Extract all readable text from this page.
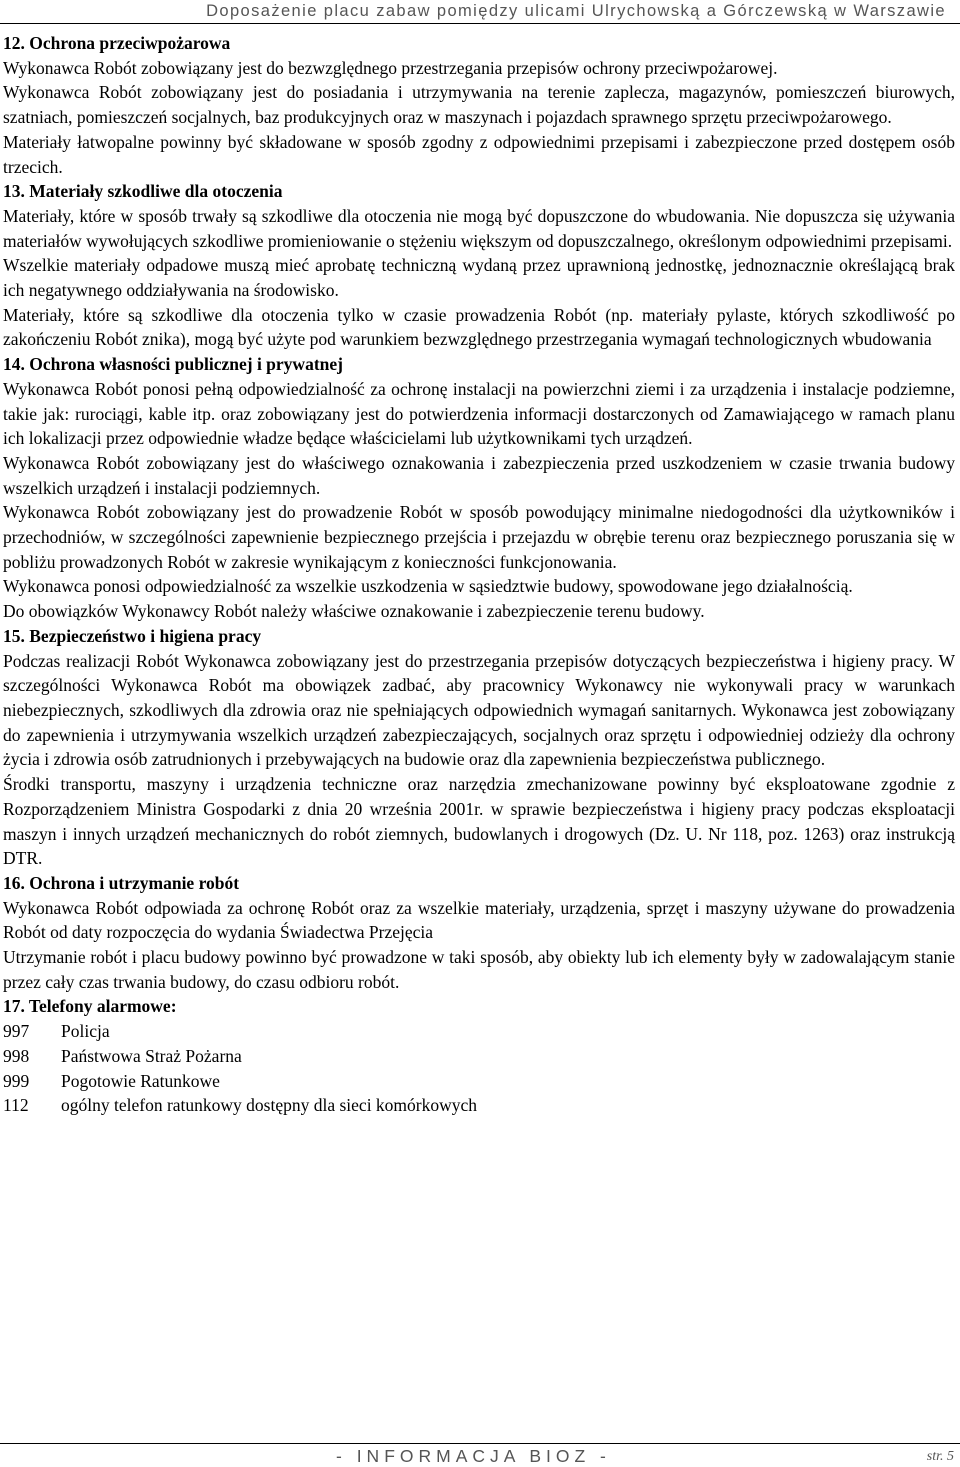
Doposażenie placu zabaw pomiędzy ulicami Ulrychowską a Górczewską w Warszawie
12. Ochrona przeciwpożarowa

Wykonawca Robót zobowiązany jest do bezwzględnego przestrzegania przepisów ochrony przeciwpożarowej.

Wykonawca Robót zobowiązany jest do posiadania i utrzymywania na terenie zaplecza, magazynów, pomieszczeń biurowych, szatniach, pomieszczeń socjalnych, baz produkcyjnych oraz w maszynach i pojazdach sprawnego sprzętu przeciwpożarowego.

Materiały łatwopalne powinny być składowane w sposób zgodny z odpowiednimi przepisami i zabezpieczone przed dostępem osób trzecich.

13. Materiały szkodliwe dla otoczenia

Materiały, które w sposób trwały są szkodliwe dla otoczenia nie mogą być dopuszczone do wbudowania. Nie dopuszcza się używania materiałów wywołujących szkodliwe promieniowanie o stężeniu większym od dopuszczalnego, określonym odpowiednimi przepisami.

Wszelkie materiały odpadowe muszą mieć aprobatę techniczną wydaną przez uprawnioną jednostkę, jednoznacznie określającą brak ich negatywnego oddziaływania na środowisko.

Materiały, które są szkodliwe dla otoczenia tylko w czasie prowadzenia Robót (np. materiały pylaste, których szkodliwość po zakończeniu Robót znika), mogą być użyte pod warunkiem bezwzględnego przestrzegania wymagań technologicznych wbudowania

14. Ochrona własności publicznej i prywatnej

Wykonawca Robót ponosi pełną odpowiedzialność za ochronę instalacji na powierzchni ziemi i za urządzenia i instalacje podziemne, takie jak: rurociągi, kable itp. oraz zobowiązany jest do potwierdzenia informacji dostarczonych od Zamawiającego w ramach planu ich lokalizacji przez odpowiednie władze będące właścicielami lub użytkownikami tych urządzeń.

Wykonawca Robót zobowiązany jest do właściwego oznakowania i zabezpieczenia przed uszkodzeniem w czasie trwania budowy wszelkich urządzeń i instalacji podziemnych.

Wykonawca Robót zobowiązany jest do prowadzenie Robót w sposób powodujący minimalne niedogodności dla użytkowników i przechodniów, w szczególności zapewnienie bezpiecznego przejścia i przejazdu w obrębie terenu oraz bezpiecznego poruszania się w pobliżu prowadzonych Robót w zakresie wynikającym z konieczności funkcjonowania.

Wykonawca ponosi odpowiedzialność za wszelkie uszkodzenia w sąsiedztwie budowy, spowodowane jego działalnością.

Do obowiązków Wykonawcy Robót należy właściwe oznakowanie i zabezpieczenie terenu budowy.

15. Bezpieczeństwo i higiena pracy

Podczas realizacji Robót Wykonawca zobowiązany jest do przestrzegania przepisów dotyczących bezpieczeństwa i higieny pracy. W szczególności Wykonawca Robót ma obowiązek zadbać, aby pracownicy Wykonawcy nie wykonywali pracy w warunkach niebezpiecznych, szkodliwych dla zdrowia oraz nie spełniających odpowiednich wymagań sanitarnych. Wykonawca jest zobowiązany do zapewnienia i utrzymywania wszelkich urządzeń zabezpieczających, socjalnych oraz sprzętu i odpowiedniej odzieży dla ochrony życia i zdrowia osób zatrudnionych i przebywających na budowie oraz dla zapewnienia bezpieczeństwa publicznego.

Środki transportu, maszyny i urządzenia techniczne oraz narzędzia zmechanizowane powinny być eksploatowane zgodnie z Rozporządzeniem Ministra Gospodarki z dnia 20 września 2001r. w sprawie bezpieczeństwa i higieny pracy podczas eksploatacji maszyn i innych urządzeń mechanicznych do robót ziemnych, budowlanych i drogowych (Dz. U. Nr 118, poz. 1263) oraz instrukcją DTR.

16. Ochrona i utrzymanie robót

Wykonawca Robót odpowiada za ochronę Robót oraz za wszelkie materiały, urządzenia, sprzęt i maszyny używane do prowadzenia Robót od daty rozpoczęcia do wydania Świadectwa Przejęcia

Utrzymanie robót i placu budowy powinno być prowadzone w taki sposób, aby obiekty lub ich elementy były w zadowalającym stanie przez cały czas trwania budowy, do czasu odbioru robót.

17. Telefony alarmowe:
997	Policja
998	Państwowa Straż Pożarna
999	Pogotowie Ratunkowe
112	ogólny telefon ratunkowy dostępny dla sieci komórkowych
- INFORMACJA BIOZ -	str. 5
